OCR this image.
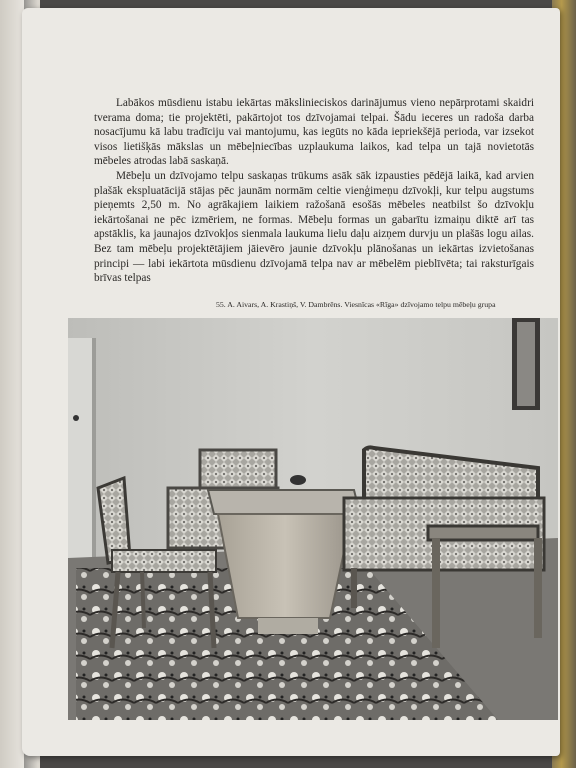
Labākos mūsdienu istabu iekārtas mākslinieciskos darinājumus vieno nepārprotami skaidri tverama doma; tie projektēti, pakārtojot tos dzīvojamai telpai. Šādu ieceres un radoša darba nosacījumu kā labu tradīciju vai mantojumu, kas iegūts no kāda iepriekšējā perioda, var izsekot visos lietišķās mākslas un mēbeļniecības uzplaukuma laikos, kad telpa un tajā novietotās mēbeles atrodas labā saskaņā.

Mēbeļu un dzīvojamo telpu saskaņas trūkums asāk sāk izpausties pēdējā laikā, kad arvien plašāk ekspluatācijā stājas pēc jaunām normām celtie vienģimeņu dzīvokļi, kur telpu augstums pieņemts 2,50 m. No agrākajiem laikiem ražošanā esošās mēbeles neatbilst šo dzīvokļu iekārtošanai ne pēc izmēriem, ne formas. Mēbeļu formas un gabarītu izmaiņu diktē arī tas apstāklis, ka jaunajos dzīvokļos sienmala laukuma lielu daļu aizņem durvju un plašās logu ailas. Bez tam mēbeļu projektētājiem jāievēro jaunie dzīvokļu plānošanas un iekārtas izvietošanas principi — labi iekārtota mūsdienu dzīvojamā telpa nav ar mēbelēm pieblīvēta; tai raksturīgais brīvas telpas

55. A. Aivars, A. Krastiņš, V. Dambrēns. Viesnīcas «Rīga» dzīvojamo telpu mēbeļu grupa
